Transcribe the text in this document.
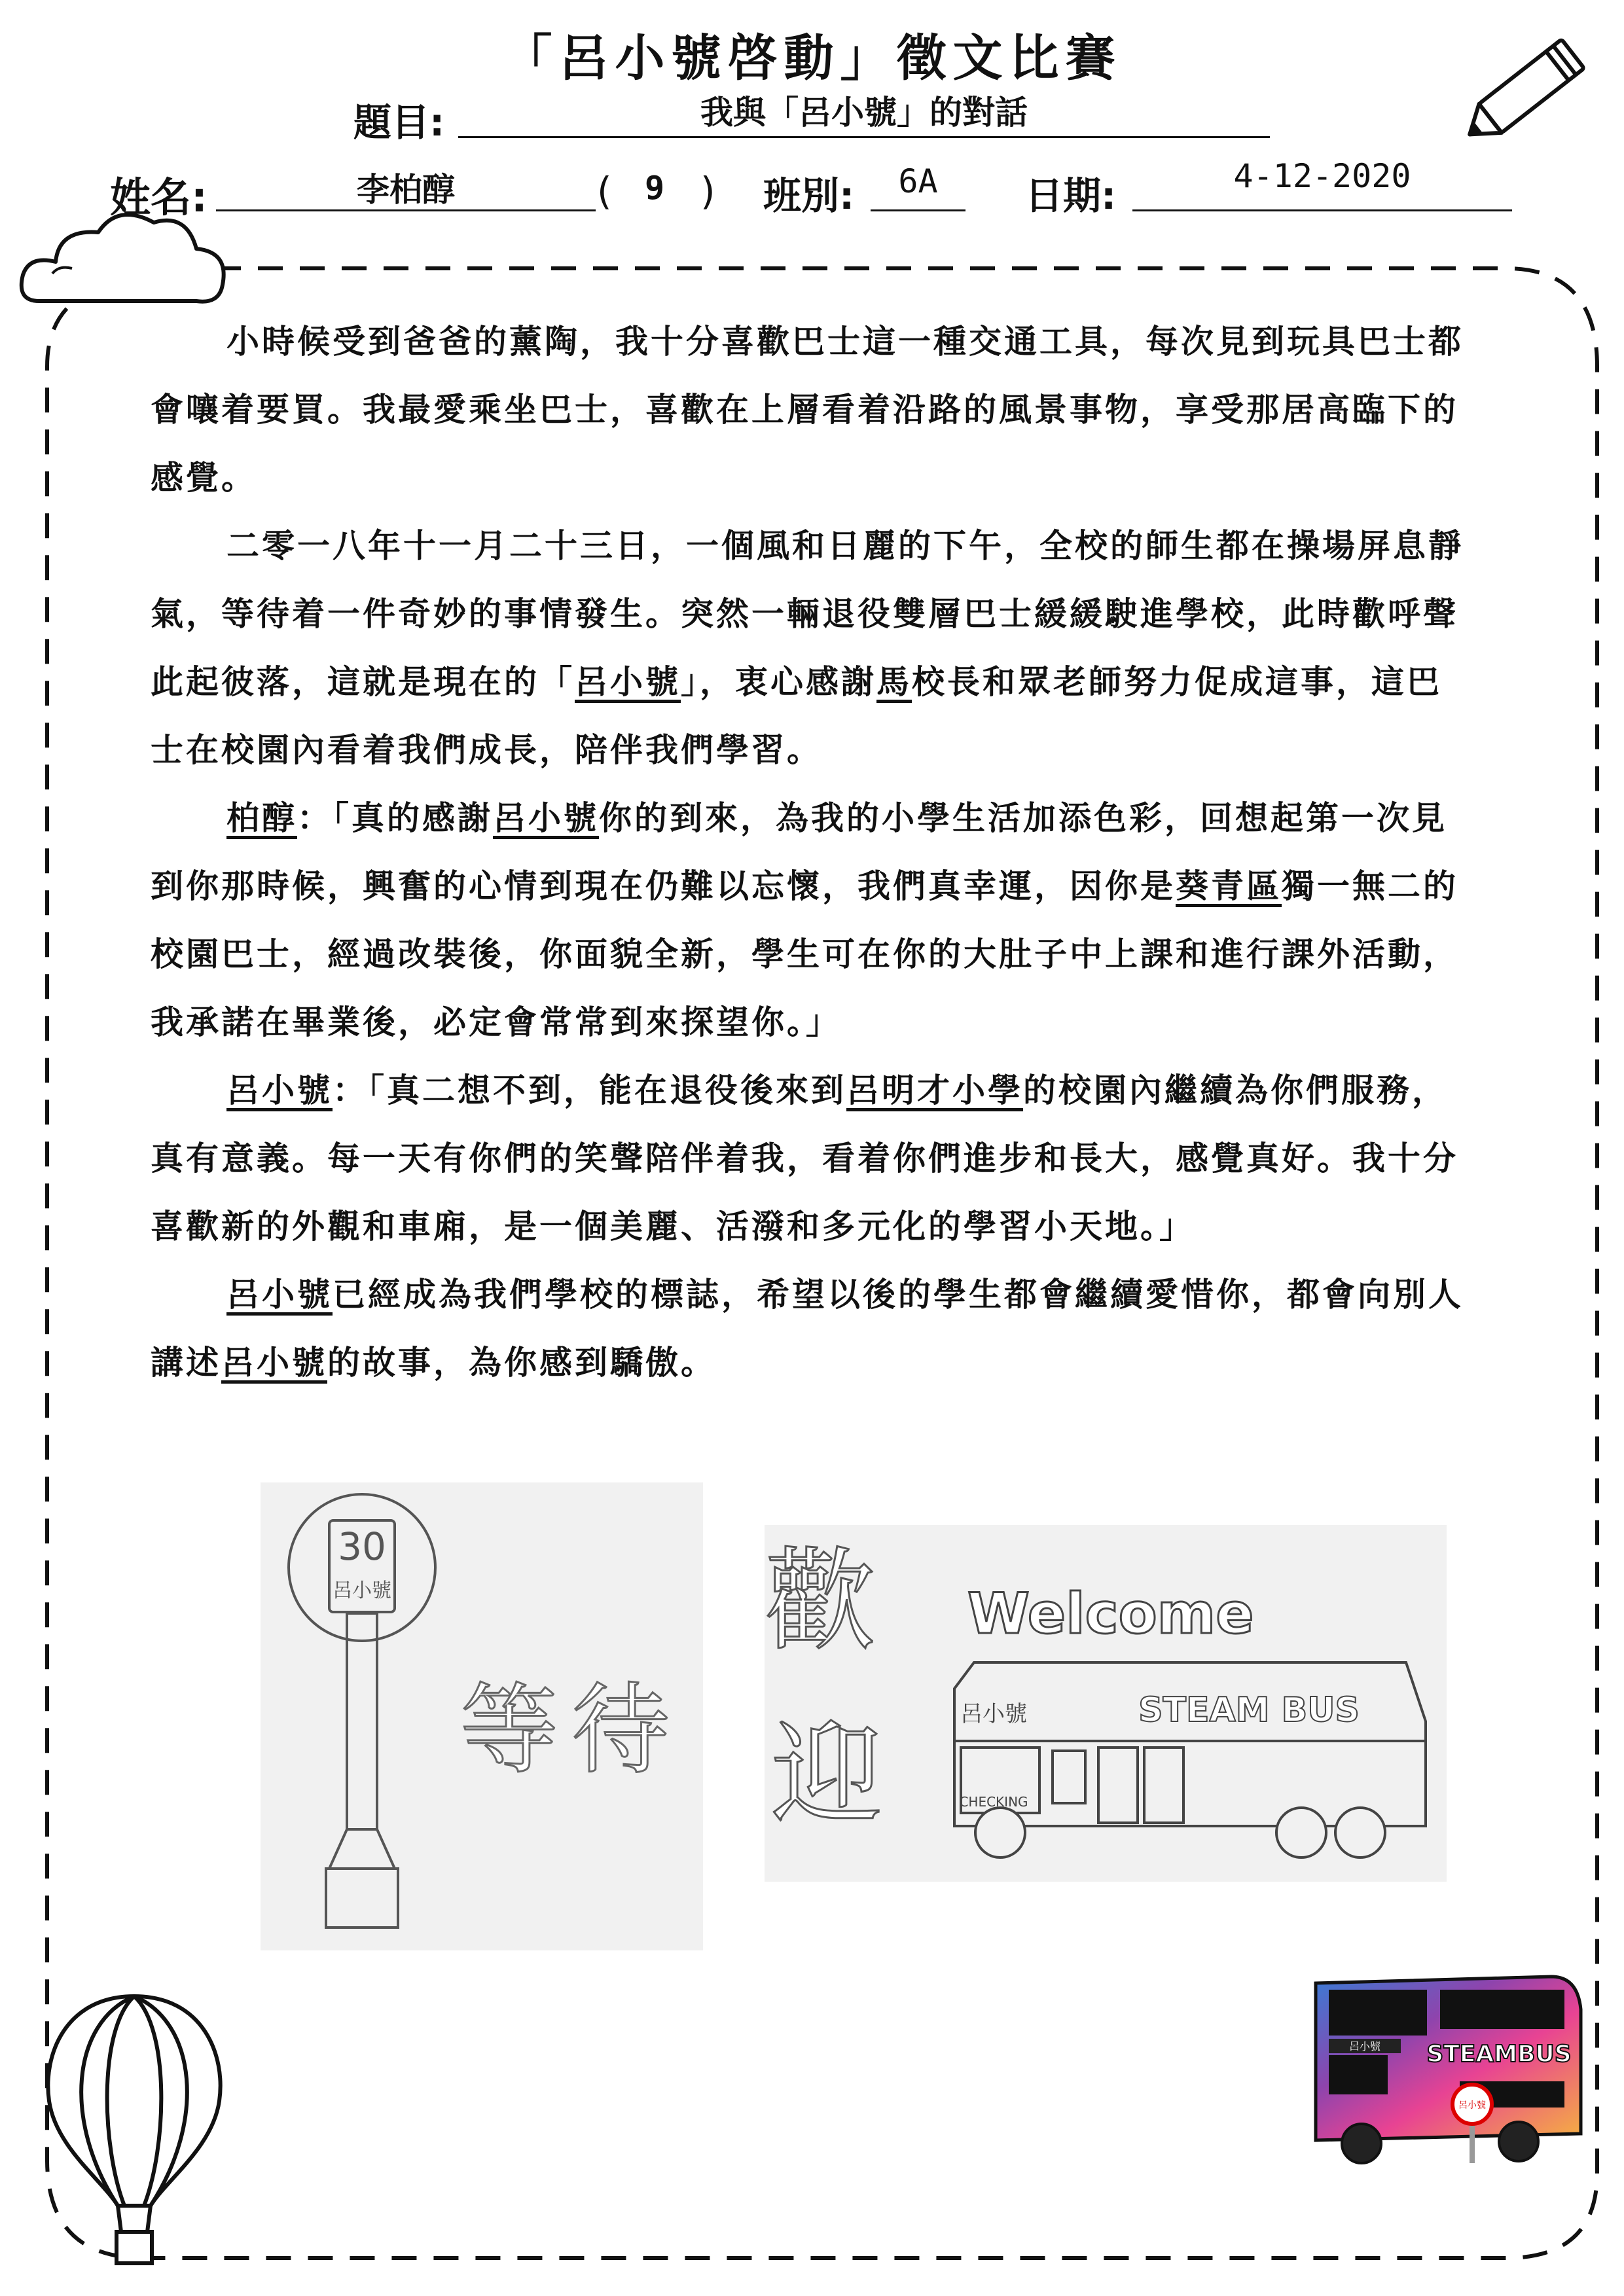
「呂小號啓動」徵文比賽
題目:	我與「呂小號」的對話
姓名:	李柏醇	(	9 ) 班別:	6A	日期:	4-12-2020

小時候受到爸爸的薰陶，我十分喜歡巴士這一種交通工具，每次見到玩具巴士都會嚷着要買。我最愛乘坐巴士，喜歡在上層看着沿路的風景事物，享受那居高臨下的感覺。

二零一八年十一月二十三日，一個風和日麗的下午，全校的師生都在操場屏息靜氣，等待着一件奇妙的事情發生。突然一輛退役雙層巴士緩緩駛進學校，此時歡呼聲此起彼落，這就是現在的「呂小號」，衷心感謝馬校長和眾老師努力促成這事，這巴士在校園內看着我們成長，陪伴我們學習。

柏醇：「真的感謝呂小號你的到來，為我的小學生活加添色彩，回想起第一次見到你那時候，興奮的心情到現在仍難以忘懷，我們真幸運，因你是葵青區獨一無二的校園巴士，經過改裝後，你面貌全新，學生可在你的大肚子中上課和進行課外活動，我承諾在畢業後，必定會常常到來探望你。」

呂小號：「真二想不到，能在退役後來到呂明才小學的校園內繼續為你們服務，真有意義。每一天有你們的笑聲陪伴着我，看着你們進步和長大，感覺真好。我十分喜歡新的外觀和車廂，是一個美麗、活潑和多元化的學習小天地。」

呂小號已經成為我們學校的標誌，希望以後的學生都會繼續愛惜你，都會向別人講述呂小號的故事，為你感到驕傲。

30
呂小號
等 待
歡
迎
Welcome
呂小號	STEAM BUS
CHECKING
呂小號 STEAMBUS
呂小號
